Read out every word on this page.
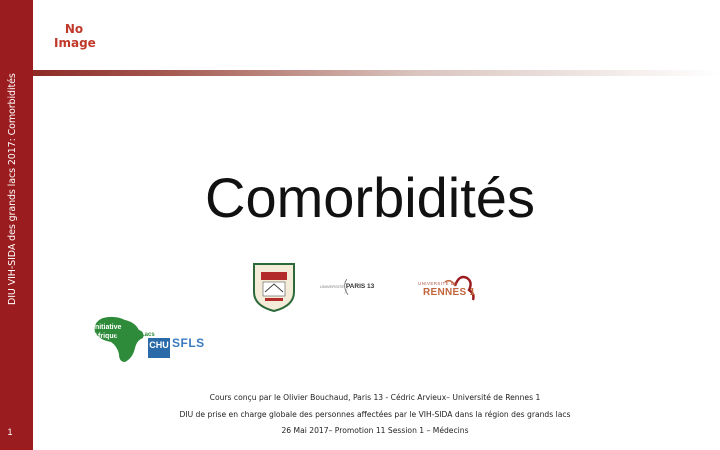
DIU VIH-SIDA des grands lacs 2017: Comorbidités
1
No
Image
Comorbidités
UNIVERSITÉ PARIS 13	UNIVERSITÉ DE
RENNES 1
Initiative
Afrique
Grandes Lacs
CHU SFLS
Cours conçu par le Olivier Bouchaud, Paris 13 - Cédric Arvieux– Université de Rennes 1
DIU de prise en charge globale des personnes affectées par le VIH-SIDA dans la région des grands lacs
26 Mai 2017– Promotion 11 Session 1 – Médecins
